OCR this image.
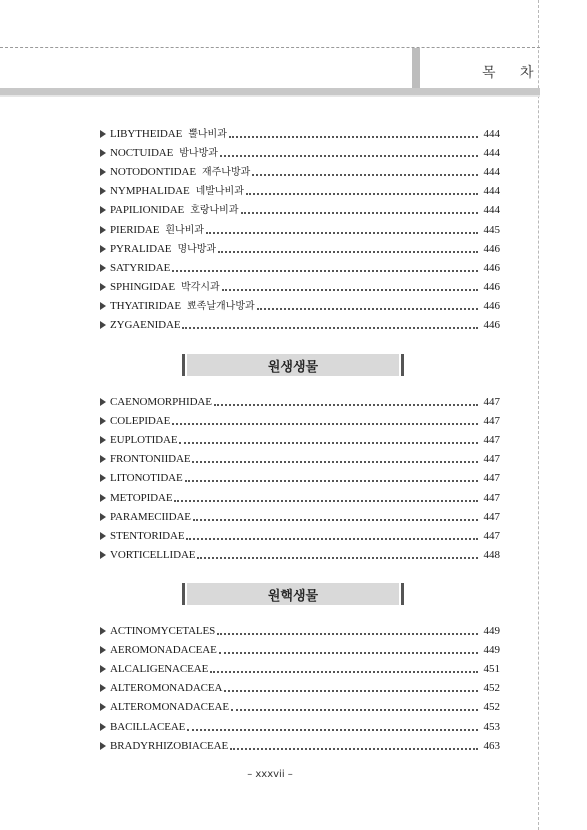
목 차
LIBYTHEIDAE 뿔나비과	444
NOCTUIDAE 밤나방과	444
NOTODONTIDAE 재주나방과	444
NYMPHALIDAE 네발나비과	444
PAPILIONIDAE 호랑나비과	444
PIERIDAE 흰나비과	445
PYRALIDAE 명나방과	446
SATYRIDAE	446
SPHINGIDAE 박각시과	446
THYATIRIDAE 뾰족날개나방과	446
ZYGAENIDAE	446
원생생물
CAENOMORPHIDAE	447
COLEPIDAE	447
EUPLOTIDAE	447
FRONTONIIDAE	447
LITONOTIDAE	447
METOPIDAE	447
PARAMECIIDAE	447
STENTORIDAE	447
VORTICELLIDAE	448
원핵생물
ACTINOMYCETALES	449
AEROMONADACEAE	449
ALCALIGENACEAE	451
ALTEROMONADACEA	452
ALTEROMONADACEAE	452
BACILLACEAE	453
BRADYRHIZOBIACEAE	463
– xxxvii –
